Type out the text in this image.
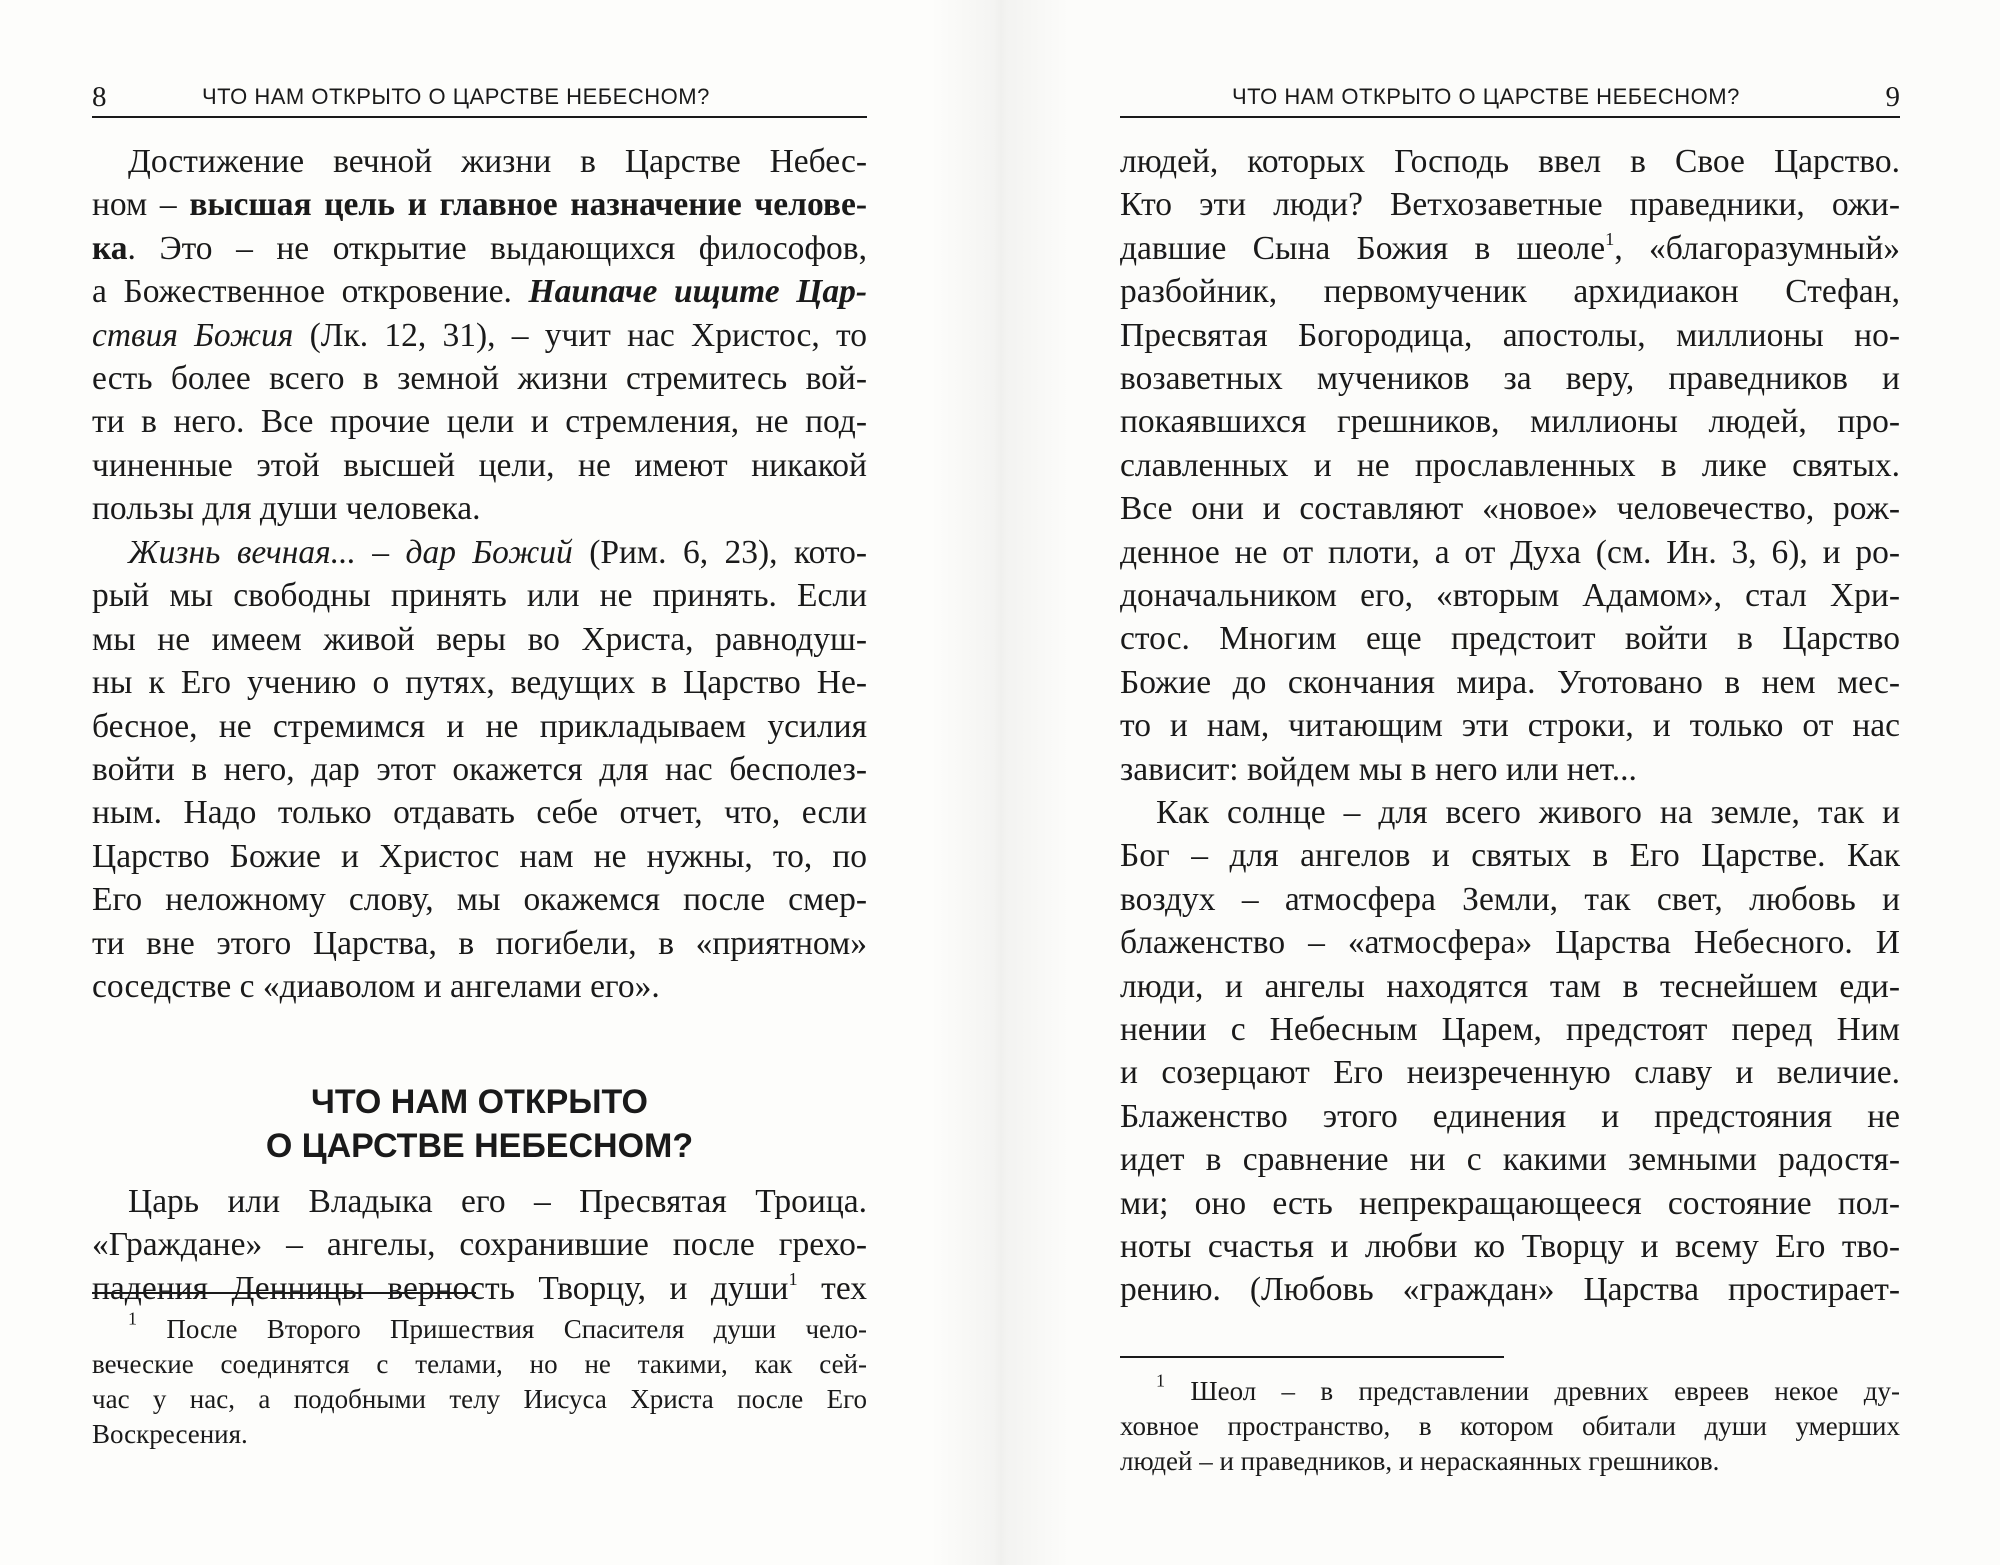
8	ЧТО НАМ ОТКРЫТО О ЦАРСТВЕ НЕБЕСНОМ?
Достижение вечной жизни в Царстве Небес-
ном – высшая цель и главное назначение челове-
ка. Это – не открытие выдающихся философов,
а Божественное откровение. Наипаче ищите Цар-
ствия Божия (Лк. 12, 31), – учит нас Христос, то
есть более всего в земной жизни стремитесь вой-
ти в него. Все прочие цели и стремления, не под-
чиненные этой высшей цели, не имеют никакой
пользы для души человека.
Жизнь вечная... – дар Божий (Рим. 6, 23), кото-
рый мы свободны принять или не принять. Если
мы не имеем живой веры во Христа, равнодуш-
ны к Его учению о путях, ведущих в Царство Не-
бесное, не стремимся и не прикладываем усилия
войти в него, дар этот окажется для нас бесполез-
ным. Надо только отдавать себе отчет, что, если
Царство Божие и Христос нам не нужны, то, по
Его неложному слову, мы окажемся после смер-
ти вне этого Царства, в погибели, в «приятном»
соседстве с «диаволом и ангелами его».
ЧТО НАМ ОТКРЫТО
О ЦАРСТВЕ НЕБЕСНОМ?
Царь или Владыка его – Пресвятая Троица.
«Граждане» – ангелы, сохранившие после грехо-
падения Денницы верность Творцу, и души$^1$ тех
$^1$ После Второго Пришествия Спасителя души чело-
веческие соединятся с телами, но не такими, как сей-
час у нас, а подобными телу Иисуса Христа после Его
Воскресения.
ЧТО НАМ ОТКРЫТО О ЦАРСТВЕ НЕБЕСНОМ?	9
людей, которых Господь ввел в Свое Царство.
Кто эти люди? Ветхозаветные праведники, ожи-
давшие Сына Божия в шеоле$^1$, «благоразумный»
разбойник, первомученик архидиакон Стефан,
Пресвятая Богородица, апостолы, миллионы но-
возаветных мучеников за веру, праведников и
покаявшихся грешников, миллионы людей, про-
славленных и не прославленных в лике святых.
Все они и составляют «новое» человечество, рож-
денное не от плоти, а от Духа (см. Ин. 3, 6), и ро-
доначальником его, «вторым Адамом», стал Хри-
стос. Многим еще предстоит войти в Царство
Божие до скончания мира. Уготовано в нем мес-
то и нам, читающим эти строки, и только от нас
зависит: войдем мы в него или нет...
Как солнце – для всего живого на земле, так и
Бог – для ангелов и святых в Его Царстве. Как
воздух – атмосфера Земли, так свет, любовь и
блаженство – «атмосфера» Царства Небесного. И
люди, и ангелы находятся там в теснейшем еди-
нении с Небесным Царем, предстоят перед Ним
и созерцают Его неизреченную славу и величие.
Блаженство этого единения и предстояния не
идет в сравнение ни с какими земными радостя-
ми; оно есть непрекращающееся состояние пол-
ноты счастья и любви ко Творцу и всему Его тво-
рению. (Любовь «граждан» Царства простирает-
$^1$ Шеол – в представлении древних евреев некое ду-
ховное пространство, в котором обитали души умерших
людей – и праведников, и нераскаянных грешников.
